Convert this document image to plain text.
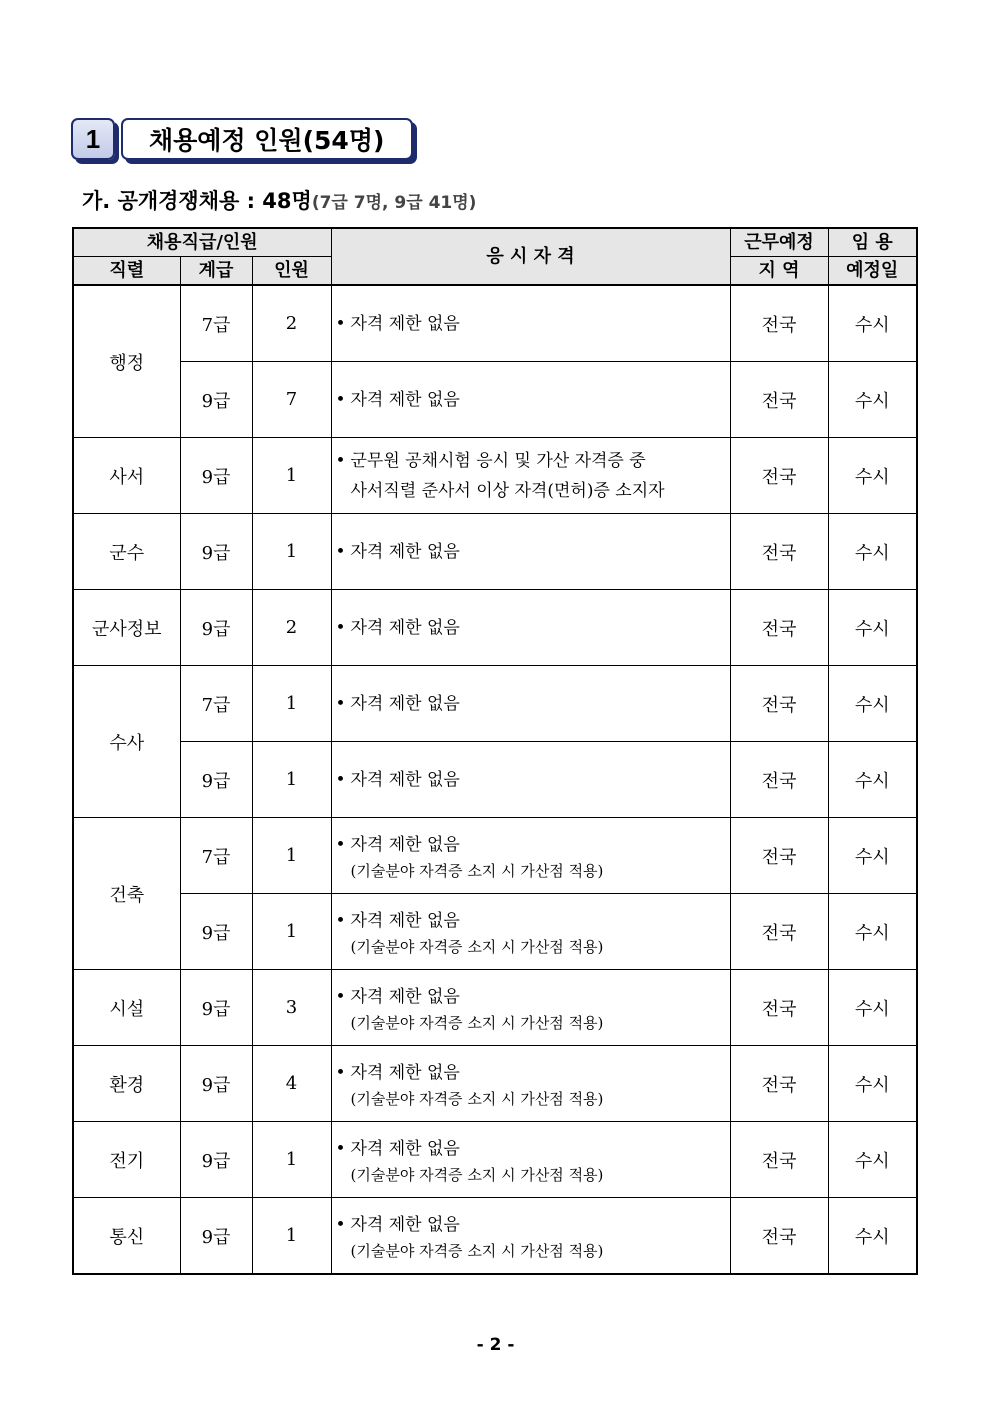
1	채용예정 인원(54명)
가. 공개경쟁채용 : 48명(7급 7명, 9급 41명)
채용직급/인원			응 시 자 격	근무예정	임 용
직렬	계급	인원		지 역	예정일
행정	7급	2	• 자격 제한 없음	전국	수시
	9급	7	• 자격 제한 없음	전국	수시
사서	9급	1	• 군무원 공채시험 응시 및 가산 자격증 중
사서직렬 준사서 이상 자격(면허)증 소지자	전국	수시
군수	9급	1	• 자격 제한 없음	전국	수시
군사정보	9급	2	• 자격 제한 없음	전국	수시
수사	7급	1	• 자격 제한 없음	전국	수시
	9급	1	• 자격 제한 없음	전국	수시
건축	7급	1	• 자격 제한 없음
(기술분야 자격증 소지 시 가산점 적용)	전국	수시
	9급	1	• 자격 제한 없음
(기술분야 자격증 소지 시 가산점 적용)	전국	수시
시설	9급	3	• 자격 제한 없음
(기술분야 자격증 소지 시 가산점 적용)	전국	수시
환경	9급	4	• 자격 제한 없음
(기술분야 자격증 소지 시 가산점 적용)	전국	수시
전기	9급	1	• 자격 제한 없음
(기술분야 자격증 소지 시 가산점 적용)	전국	수시
통신	9급	1	• 자격 제한 없음
(기술분야 자격증 소지 시 가산점 적용)	전국	수시
- 2 -
